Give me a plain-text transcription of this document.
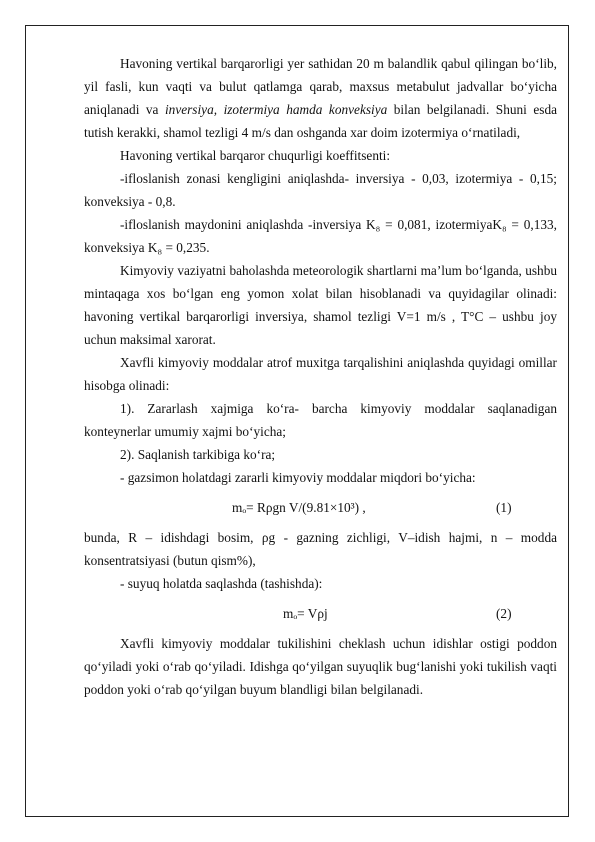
Havoning vertikal barqarorligi yer sathidan 20 m balandlik qabul qilingan bo‘lib, yil fasli, kun vaqti va bulut qatlamga qarab, maxsus metabulut jadvallar bo‘yicha aniqlanadi va inversiya, izotermiya hamda konveksiya bilan belgilanadi. Shuni esda tutish kerakki, shamol tezligi 4 m/s dan oshganda xar doim izotermiya o‘rnatiladi,

Havoning vertikal barqaror chuqurligi koeffitsenti:

-ifloslanish zonasi kengligini aniqlashda- inversiya - 0,03, izotermiya - 0,15; konveksiya - 0,8.

-ifloslanish maydonini aniqlashda -inversiya K₈ = 0,081, izotermiyaK₈ = 0,133, konveksiya K₈ = 0,235.

Kimyoviy vaziyatni baholashda meteorologik shartlarni ma’lum bo‘lganda, ushbu mintaqaga xos bo‘lgan eng yomon xolat bilan hisoblanadi va quyidagilar olinadi: havoning vertikal barqarorligi inversiya, shamol tezligi V=1 m/s , T°C – ushbu joy uchun maksimal xarorat.

Xavfli kimyoviy moddalar atrof muxitga tarqalishini aniqlashda quyidagi omillar hisobga olinadi:

1). Zararlash xajmiga ko‘ra- barcha kimyoviy moddalar saqlanadigan konteynerlar umumiy xajmi bo‘yicha;

2). Saqlanish tarkibiga ko‘ra;

- gazsimon holatdagi zararli kimyoviy moddalar miqdori bo‘yicha:

mₒ= Rρgn V/(9.81×10³) ,	(1)

bunda, R – idishdagi bosim, ρg - gazning zichligi, V–idish hajmi, n – modda konsentratsiyasi (butun qism%),

- suyuq holatda saqlashda (tashishda):

mₒ= Vρj	(2)

Xavfli kimyoviy moddalar tukilishini cheklash uchun idishlar ostigi poddon qo‘yiladi yoki o‘rab qo‘yiladi. Idishga qo‘yilgan suyuqlik bug‘lanishi yoki tukilish vaqti poddon yoki o‘rab qo‘yilgan buyum blandligi bilan belgilanadi.
